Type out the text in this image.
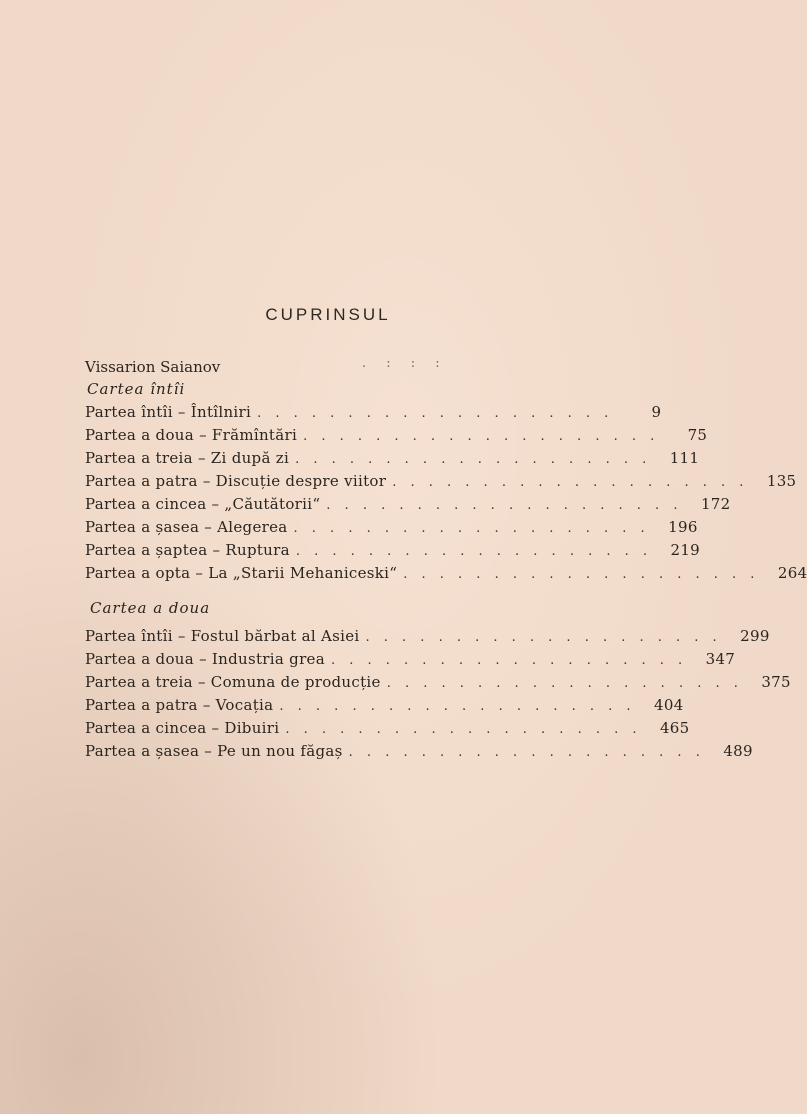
CUPRINSUL
Vissarion Saianov	. : : :
Cartea întîi
Partea întîi – Întîlniri . . . . . . . . . . . . . . . . . . . .	9
Partea a doua – Frămîntări . . . . . . . . . . . . . . . . . . . .	75
Partea a treia – Zi după zi . . . . . . . . . . . . . . . . . . . .	111
Partea a patra – Discuție despre viitor . . . . . . . . . . . . . . . . . . . .	135
Partea a cincea – „Căutătorii“ . . . . . . . . . . . . . . . . . . . .	172
Partea a șasea – Alegerea . . . . . . . . . . . . . . . . . . . .	196
Partea a șaptea – Ruptura . . . . . . . . . . . . . . . . . . . .	219
Partea a opta – La „Starii Mehaniceski“ . . . . . . . . . . . . . . . . . . . .	264
Cartea a doua
Partea întîi – Fostul bărbat al Asiei . . . . . . . . . . . . . . . . . . . .	299
Partea a doua – Industria grea . . . . . . . . . . . . . . . . . . . .	347
Partea a treia – Comuna de producție . . . . . . . . . . . . . . . . . . . .	375
Partea a patra – Vocația . . . . . . . . . . . . . . . . . . . .	404
Partea a cincea – Dibuiri . . . . . . . . . . . . . . . . . . . .	465
Partea a șasea – Pe un nou făgaș . . . . . . . . . . . . . . . . . . . .	489
